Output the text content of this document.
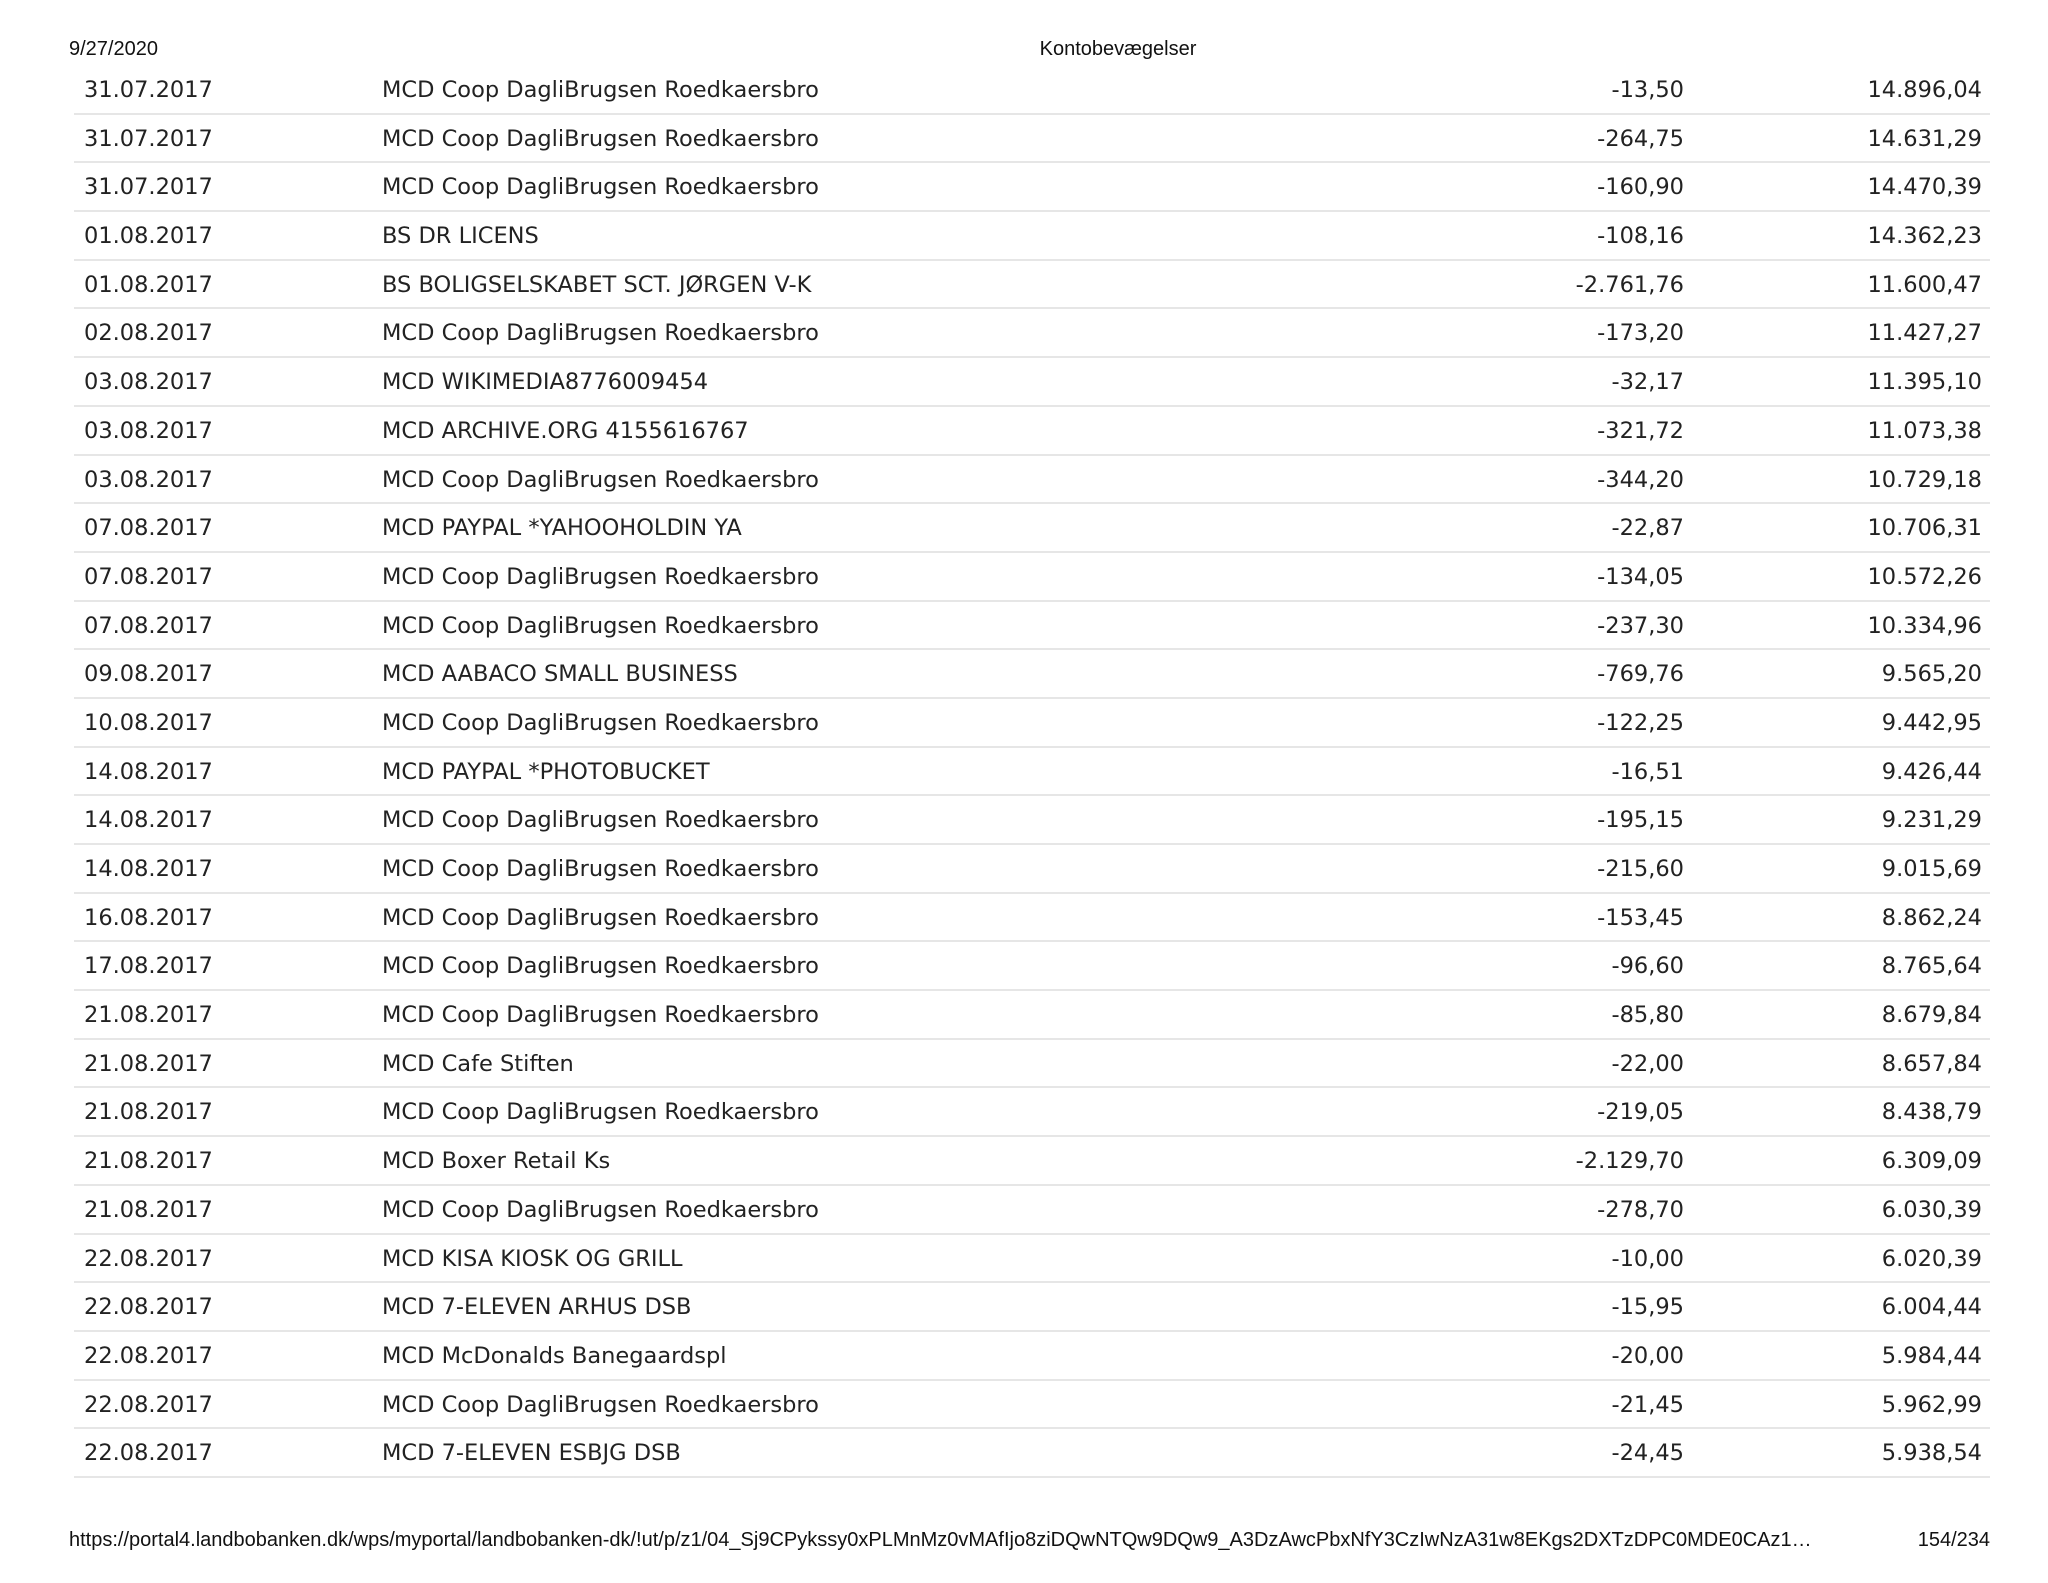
9/27/2020	Kontobevægelser
31.07.2017	MCD Coop DagliBrugsen Roedkaersbro	-13,50	14.896,04
31.07.2017	MCD Coop DagliBrugsen Roedkaersbro	-264,75	14.631,29
31.07.2017	MCD Coop DagliBrugsen Roedkaersbro	-160,90	14.470,39
01.08.2017	BS DR LICENS	-108,16	14.362,23
01.08.2017	BS BOLIGSELSKABET SCT. JØRGEN V-K	-2.761,76	11.600,47
02.08.2017	MCD Coop DagliBrugsen Roedkaersbro	-173,20	11.427,27
03.08.2017	MCD WIKIMEDIA8776009454	-32,17	11.395,10
03.08.2017	MCD ARCHIVE.ORG 4155616767	-321,72	11.073,38
03.08.2017	MCD Coop DagliBrugsen Roedkaersbro	-344,20	10.729,18
07.08.2017	MCD PAYPAL *YAHOOHOLDIN YA	-22,87	10.706,31
07.08.2017	MCD Coop DagliBrugsen Roedkaersbro	-134,05	10.572,26
07.08.2017	MCD Coop DagliBrugsen Roedkaersbro	-237,30	10.334,96
09.08.2017	MCD AABACO SMALL BUSINESS	-769,76	9.565,20
10.08.2017	MCD Coop DagliBrugsen Roedkaersbro	-122,25	9.442,95
14.08.2017	MCD PAYPAL *PHOTOBUCKET	-16,51	9.426,44
14.08.2017	MCD Coop DagliBrugsen Roedkaersbro	-195,15	9.231,29
14.08.2017	MCD Coop DagliBrugsen Roedkaersbro	-215,60	9.015,69
16.08.2017	MCD Coop DagliBrugsen Roedkaersbro	-153,45	8.862,24
17.08.2017	MCD Coop DagliBrugsen Roedkaersbro	-96,60	8.765,64
21.08.2017	MCD Coop DagliBrugsen Roedkaersbro	-85,80	8.679,84
21.08.2017	MCD Cafe Stiften	-22,00	8.657,84
21.08.2017	MCD Coop DagliBrugsen Roedkaersbro	-219,05	8.438,79
21.08.2017	MCD Boxer Retail Ks	-2.129,70	6.309,09
21.08.2017	MCD Coop DagliBrugsen Roedkaersbro	-278,70	6.030,39
22.08.2017	MCD KISA KIOSK OG GRILL	-10,00	6.020,39
22.08.2017	MCD 7-ELEVEN ARHUS DSB	-15,95	6.004,44
22.08.2017	MCD McDonalds Banegaardspl	-20,00	5.984,44
22.08.2017	MCD Coop DagliBrugsen Roedkaersbro	-21,45	5.962,99
22.08.2017	MCD 7-ELEVEN ESBJG DSB	-24,45	5.938,54
https://portal4.landbobanken.dk/wps/myportal/landbobanken-dk/!ut/p/z1/04_Sj9CPykssy0xPLMnMz0vMAfIjo8ziDQwNTQw9DQw9_A3DzAwcPbxNfY3CzIwNzA31w8EKgs2DXTzDPC0MDE0CAz1…	154/234
